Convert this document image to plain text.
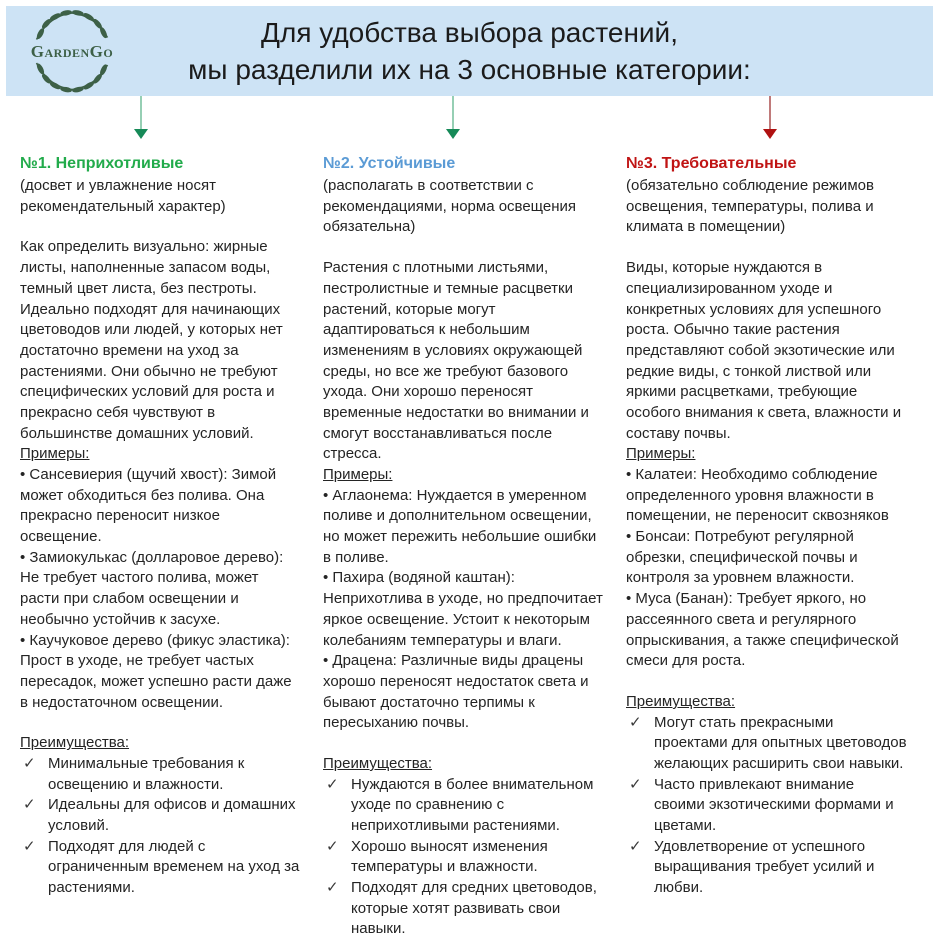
GardenGo
Для удобства выбора растений,
мы разделили их на 3 основные категории:

№1. Неприхотливые

(досвет и увлажнение носят рекомендательный характер)

Как определить визуально: жирные листы, наполненные запасом воды, темный цвет листа, без пестроты. Идеально подходят для начинающих цветоводов или людей, у которых нет достаточно времени на уход за растениями. Они обычно не требуют специфических условий для роста и прекрасно себя чувствуют в большинстве домашних условий.

Примеры:

• Сансевиерия (щучий хвост): Зимой может обходиться без полива. Она прекрасно переносит низкое освещение.

• Замиокулькас (долларовое дерево): Не требует частого полива, может расти при слабом освещении и необычно устойчив к засухе.

• Каучуковое дерево (фикус эластика): Прост в уходе, не требует частых пересадок, может успешно расти даже в недостаточном освещении.

Преимущества:

✓ Минимальные требования к освещению и влажности.

✓ Идеальны для офисов и домашних условий.

✓ Подходят для людей с ограниченным временем на уход за растениями.

№2. Устойчивые

(располагать в соответствии с рекомендациями, норма освещения обязательна)

Растения с плотными листьями, пестролистные и темные расцветки растений, которые могут адаптироваться к небольшим изменениям в условиях окружающей среды, но все же требуют базового ухода. Они хорошо переносят временные недостатки во внимании и смогут восстанавливаться после стресса.

Примеры:

• Аглаонема: Нуждается в умеренном поливе и дополнительном освещении, но может пережить небольшие ошибки в поливе.

• Пахира (водяной каштан): Неприхотлива в уходе, но предпочитает яркое освещение. Устоит к некоторым колебаниям температуры и влаги.

• Драцена: Различные виды драцены хорошо переносят недостаток света и бывают достаточно терпимы к пересыханию почвы.

Преимущества:

✓ Нуждаются в более внимательном уходе по сравнению с неприхотливыми растениями.

✓ Хорошо выносят изменения температуры и влажности.

✓ Подходят для средних цветоводов, которые хотят развивать свои навыки.

№3. Требовательные

(обязательно соблюдение режимов освещения, температуры, полива и климата в помещении)

Виды, которые нуждаются в специализированном уходе и конкретных условиях для успешного роста. Обычно такие растения представляют собой экзотические или редкие виды, с тонкой листвой или яркими расцветками, требующие особого внимания к света, влажности и составу почвы.

Примеры:

• Калатеи: Необходимо соблюдение определенного уровня влажности в помещении, не переносит сквозняков

• Бонсаи: Потребуют регулярной обрезки, специфической почвы и контроля за уровнем влажности.

• Муса (Банан): Требует яркого, но рассеянного света и регулярного опрыскивания, а также специфической смеси для роста.

Преимущества:

✓ Могут стать прекрасными проектами для опытных цветоводов желающих расширить свои навыки.

✓ Часто привлекают внимание своими экзотическими формами и цветами.

✓ Удовлетворение от успешного выращивания требует усилий и любви.
